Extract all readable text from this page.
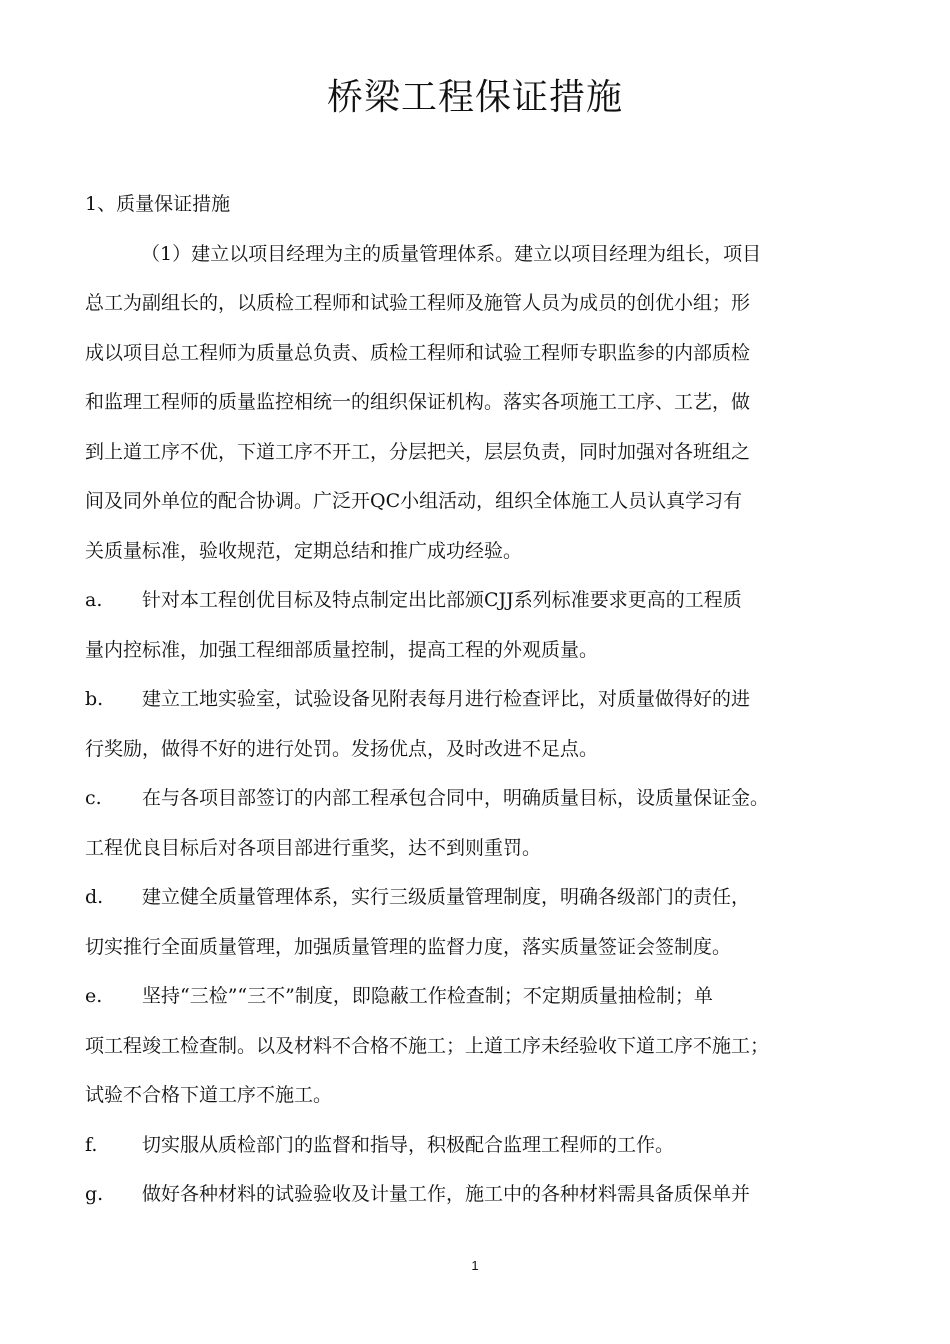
桥梁工程保证措施
1、质量保证措施
（1）建立以项目经理为主的质量管理体系。建立以项目经理为组长，项目
总工为副组长的，以质检工程师和试验工程师及施管人员为成员的创优小组；形
成以项目总工程师为质量总负责、质检工程师和试验工程师专职监参的内部质检
和监理工程师的质量监控相统一的组织保证机构。落实各项施工工序、工艺，做
到上道工序不优，下道工序不开工，分层把关，层层负责，同时加强对各班组之
间及同外单位的配合协调。广泛开QC小组活动，组织全体施工人员认真学习有
关质量标准，验收规范，定期总结和推广成功经验。
a. 针对本工程创优目标及特点制定出比部颁CJJ系列标准要求更高的工程质
量内控标准，加强工程细部质量控制，提高工程的外观质量。
b. 建立工地实验室，试验设备见附表每月进行检查评比，对质量做得好的进
行奖励，做得不好的进行处罚。发扬优点，及时改进不足点。
c. 在与各项目部签订的内部工程承包合同中，明确质量目标，设质量保证金。
工程优良目标后对各项目部进行重奖，达不到则重罚。
d. 建立健全质量管理体系，实行三级质量管理制度，明确各级部门的责任，
切实推行全面质量管理，加强质量管理的监督力度，落实质量签证会签制度。
e. 坚持“三检”“三不”制度，即隐蔽工作检查制；不定期质量抽检制；单
项工程竣工检查制。以及材料不合格不施工；上道工序未经验收下道工序不施工；
试验不合格下道工序不施工。
f. 切实服从质检部门的监督和指导，积极配合监理工程师的工作。
g. 做好各种材料的试验验收及计量工作，施工中的各种材料需具备质保单并
1
